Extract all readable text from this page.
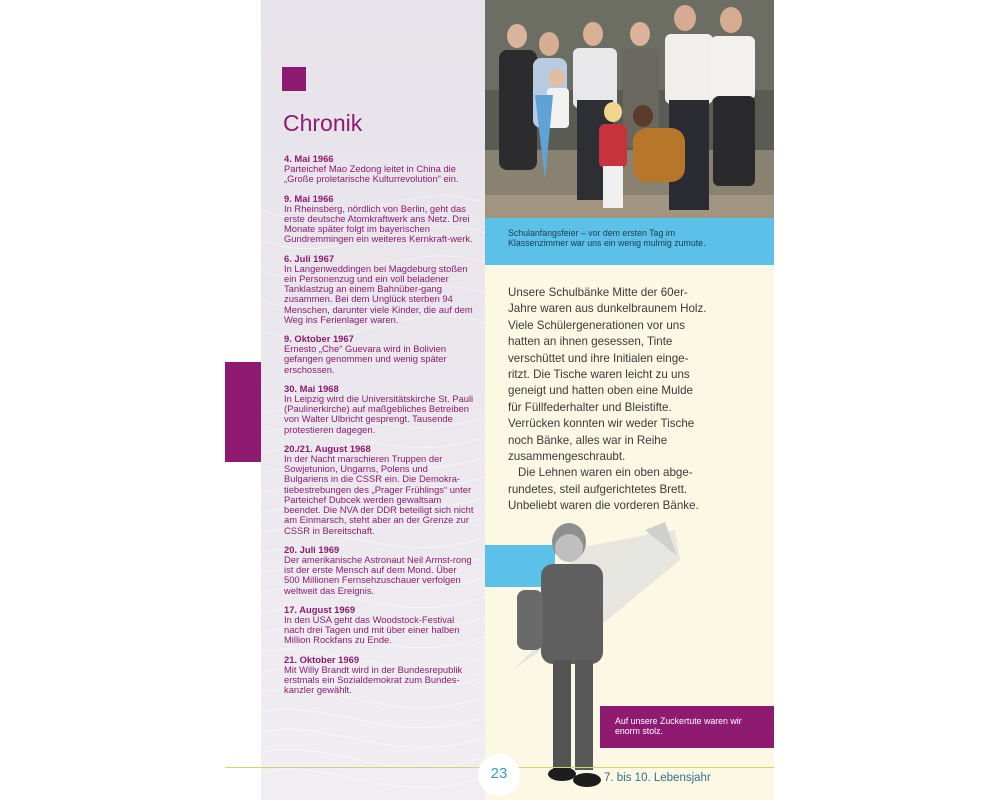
Chronik
4. Mai 1966
Parteichef Mao Zedong leitet in China die „Große proletarische Kulturrevolution“ ein.
9. Mai 1966
In Rheinsberg, nördlich von Berlin, geht das erste deutsche Atomkraftwerk ans Netz. Drei Monate später folgt im bayerischen Gundremmingen ein weiteres Kernkraft-werk.
6. Juli 1967
In Langenweddingen bei Magdeburg stoßen ein Personenzug und ein voll beladener Tanklastzug an einem Bahnüber-gang zusammen. Bei dem Unglück sterben 94 Menschen, darunter viele Kinder, die auf dem Weg ins Ferienlager waren.
9. Oktober 1967
Ernesto „Che“ Guevara wird in Bolivien gefangen genommen und wenig später erschossen.
30. Mai 1968
In Leipzig wird die Universitätskirche St. Pauli (Paulinerkirche) auf maßgebliches Betreiben von Walter Ulbricht gesprengt. Tausende protestieren dagegen.
20./21. August 1968
In der Nacht marschieren Truppen der Sowjetunion, Ungarns, Polens und Bulgariens in die CSSR ein. Die Demokra-tiebestrebungen des „Prager Frühlings“ unter Parteichef Dubcek werden gewaltsam beendet. Die NVA der DDR beteiligt sich nicht am Einmarsch, steht aber an der Grenze zur CSSR in Bereitschaft.
20. Juli 1969
Der amerikanische Astronaut Neil Armst-rong ist der erste Mensch auf dem Mond. Über 500 Millionen Fernsehzuschauer verfolgen weltweit das Ereignis.
17. August 1969
In den USA geht das Woodstock-Festival nach drei Tagen und mit über einer halben Million Rockfans zu Ende.
21. Oktober 1969
Mit Willy Brandt wird in der Bundesrepublik erstmals ein Sozialdemokrat zum Bundes-kanzler gewählt.
Schulanfangsfeier – vor dem ersten Tag im Klassenzimmer war uns ein wenig mulmig zumute.

Unsere Schulbänke Mitte der 60er-Jahre waren aus dunkelbraunem Holz. Viele Schülergenerationen vor uns hatten an ihnen gesessen, Tinte verschüttet und ihre Initialen einge-ritzt. Die Tische waren leicht zu uns geneigt und hatten oben eine Mulde für Füllfederhalter und Bleistifte. Verrücken konnten wir weder Tische noch Bänke, alles war in Reihe zusammengeschraubt.

Die Lehnen waren ein oben abge-rundetes, steil aufgerichtetes Brett. Unbeliebt waren die vorderen Bänke.

Auf unsere Zuckertute waren wir enorm stolz.
23	7. bis 10. Lebensjahr
